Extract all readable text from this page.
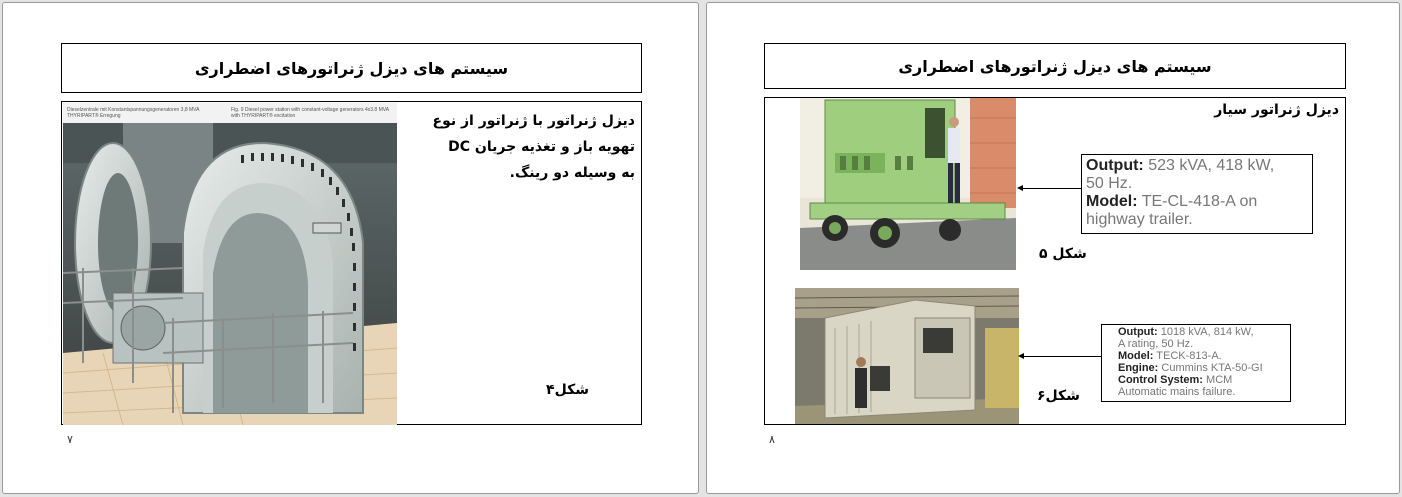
سیستم های دیزل ژنراتورهای اضطراری
Dieselzentrale mit Konstantspannungsgeneratoren 3,8 MVA THYRIPART® Erregung
Fig. 9 Diesel power station with constant-voltage generators 4x3.8 MVA with THYRIPART® excitation	دیزل ژنراتور با ژنراتور از نوع
تهویه باز و تغذیه جریان DC
به وسیله دو رینگ.
شکل۴
۷
سیستم های دیزل ژنراتورهای اضطراری
دیزل ژنراتور سیار
Output: 523 kVA, 418 kW,
50 Hz.
Model: TE-CL-418-A on
highway trailer.
شکل ۵
Output: 1018 kVA, 814 kW,
A rating, 50 Hz.
Model: TECK-813-A.
Engine: Cummins KTA-50-GI
Control System: MCM
Automatic mains failure.
شکل۶
۸
